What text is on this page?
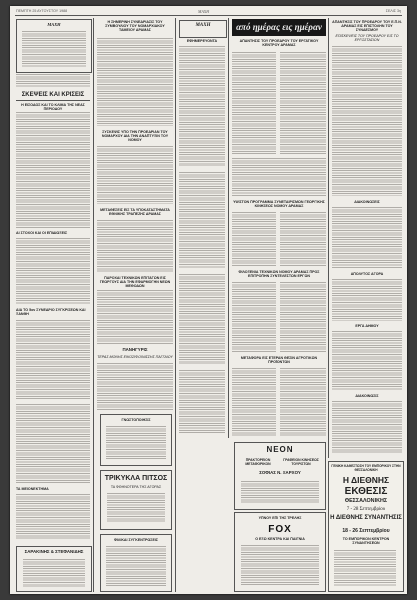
ΠΕΜΠΤΗ 25 ΑΥΓΟΥΣΤΟΥ 1988	ΜΑΧΗ	ΣΕΛΙΣ 3η
ΜΑΧΗ
ΣΚΕΨΕΙΣ ΚΑΙ ΚΡΙΣΕΙΣ
Η ΕΙΣΟΔΟΣ ΚΑΙ ΤΟ ΚΛΙΜΑ ΤΗΣ ΝΕΑΣ ΠΕΡΙΟΔΟΥ
ΑΙ ΣΤΟΧΟΙ ΚΑΙ ΟΙ ΕΠΙΔΙΩΞΕΙΣ
ΔΙΑ ΤΟ 5ον ΣΥΝΕΔΡΙΟ ΣΥΓΚΡΙΣΕΩΝ ΚΑΙ ΞΑΝΘΗ
ΤΑ ΜΕΙΟΝΕΚΤΗΜΑ
ΣΑΡΑΚΙΝΗΣ & ΣΤΕΦΑΝΙΔΗΣ
Η ΣΗΜΕΡΙΝΗ ΣΥΝΕΔΡΙΑΣΙΣ ΤΟΥ ΣΥΜΒΟΥΛΙΟΥ ΤΟΥ ΝΟΜΑΡΧΙΑΚΟΥ ΤΑΜΕΙΟΥ ΔΡΑΜΑΣ
ΣΥΣΚΕΨΙΣ ΥΠΟ ΤΗΝ ΠΡΟΕΔΡΙΑΝ ΤΟΥ ΝΟΜΑΡΧΟΥ ΔΙΑ ΤΗΝ ΑΝΑΠΤΥΞΙΝ ΤΟΥ ΝΟΜΟΥ
ΜΕΤΑΘΕΣΕΙΣ ΕΙΣ ΤΑ ΥΠΟΚΑΤΑΣΤΗΜΑΤΑ ΕΘΝΙΚΗΣ ΤΡΑΠΕΖΗΣ ΔΡΑΜΑΣ
ΠΑΡΟΧΑΙ ΤΕΧΝΙΚΩΝ ΕΠΙΤΑΓΩΝ ΕΙΣ ΓΕΩΡΓΟΥΣ ΔΙΑ ΤΗΝ ΕΦΑΡΜΟΓΗΝ ΝΕΩΝ ΜΕΘΟΔΩΝ
ΠΑΝΗΓΥΡΙΣ
ΤΕΡΑΣ ΜΟΝΗΣ ΕΙΚΟΣΙΦΟΙΝΙΣΣΗΣ ΠΑΓΓΑΙΟΥ
ΓΝΩΣΤΟΠΟΙΗΣΙΣ
ΤΡΙΚΥΚΛΑ ΠΙΤΣΟΣ
ΤΑ ΦΘΗΝΟΤΕΡΑ ΤΗΣ ΑΓΟΡΑΣ
ΦΙΛΙΚΑΙ ΣΥΓΚΕΝΤΡΩΣΕΙΣ
ΜΑΧΗ
ΕΦΗΜΕΡΕΥΟΝΤΑ
από ημέρας εις ημέραν
ΑΠΑΝΤΗΣΙΣ ΤΟΥ ΠΡΟΕΔΡΟΥ ΤΟΥ ΕΡΓΑΤΙΚΟΥ ΚΕΝΤΡΟΥ ΔΡΑΜΑΣ
ΥΨΙΣΤΟΝ ΠΡΟΓΡΑΜΜΑ ΣΥΝΕΤΑΙΡΙΣΜΩΝ ΓΕΩΡΓΙΚΗΣ ΚΙΝΗΣΕΩΣ ΝΟΜΟΥ ΔΡΑΜΑΣ
ΦΙΛΟΞΕΝΙΑ ΤΕΧΝΙΚΩΝ ΝΟΜΟΥ ΔΡΑΜΑΣ ΠΡΟΣ ΕΠΙΤΡΟΠΗΝ ΣΥΝΤΕΛΕΣΤΩΝ ΕΡΓΩΝ
ΜΕΤΑΦΟΡΑ ΕΙΣ ΕΤΕΡΑΝ ΘΕΣΙΝ ΑΓΡΟΤΙΚΩΝ ΠΡΟΪΟΝΤΩΝ
ΑΠΑΝΤΗΣΙΣ ΤΟΥ ΠΡΟΕΔΡΟΥ ΤΟΥ Ε.Π.Ν. ΔΡΑΜΑΣ ΕΙΣ ΕΠΙΣΤΟΛΗΝ ΤΟΥ ΣΥΝΔΕΣΜΟΥ
ΕΠΙΣΚΕΨΕΙΣ ΤΟΥ ΠΡΟΕΔΡΟΥ ΕΙΣ ΤΟ ΕΡΓΟΣΤΑΣΙΟΝ
ΔΙΑΚΟΙΝΩΣΕΙΣ
ΑΠΟΛΥΤΟΣ ΑΓΟΡΑ
ΕΡΓΑ ΔΗΜΟΥ
ΔΙΑΚΟΙΝΩΣΙΣ
ΝΕΟΝ
ΠΡΑΚΤΟΡΕΙΟΝ ΜΕΤΑΦΟΡΙΚΟΝ
ΓΡΑΦΕΙΟΝ ΚΙΝΗΣΕΩΣ ΤΟΥΡΙΣΤΩΝ
ΣΟΦΙΑΣ Ν. ΞΑΡΧΟΥ
ΥΠΝΟΥ ΕΠΙ ΤΗΣ ΤΡΕΛΗΣ
FOX
Ο ΕΞΩ ΚΕΝΤΡΑ ΚΑΙ ΠΑΙΓΝΙΑ
ΓΕΝΙΚΗ ΚΑΘΕΣΤΩΣΗ ΤΟΥ ΕΜΠΟΡΙΚΟΥ ΣΤΗΝ ΘΕΣΣΑΛΟΝΙΚΗ
Η ΔΙΕΘΝΗΣ
ΕΚΘΕΣΙΣ
ΘΕΣΣΑΛΟΝΙΚΗΣ
7 - 28 Σεπτεμβρίου
Η ΔΙΕΘΝΗΣ ΣΥΝΑΝΤΗΣΙΣ
18 - 26 Σεπτεμβρίου
ΤΟ ΕΜΠΟΡΙΚΟΝ ΚΕΝΤΡΟΝ ΣΥΝΑΝΤΗΣΕΩΝ
